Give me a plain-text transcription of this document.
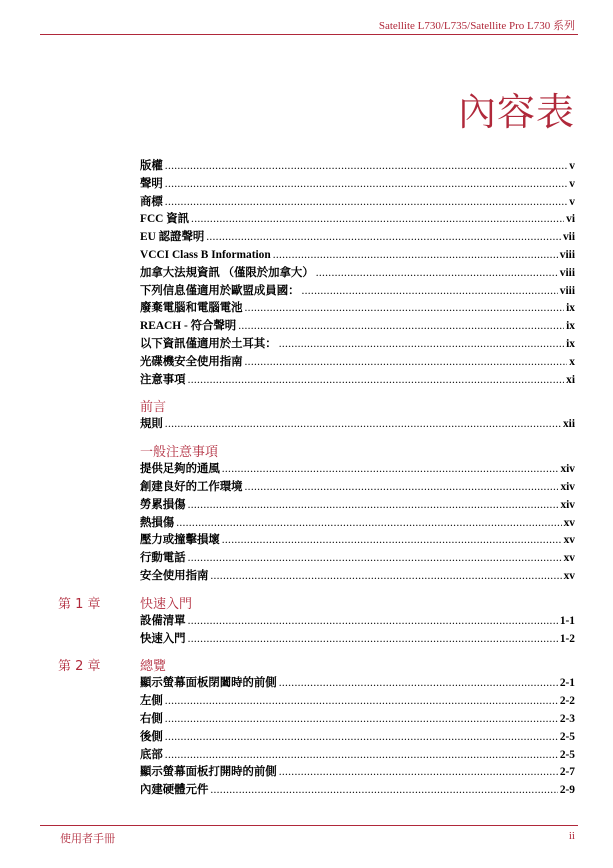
Satellite L730/L735/Satellite Pro L730 系列
內容表
版權 .....	v
聲明 .....	v
商標 .....	v
FCC 資訊 .....	vi
EU 認證聲明 .....	vii
VCCI Class B Information .....	viii
加拿大法規資訊 （僅限於加拿大） .....	viii
下列信息僅適用於歐盟成員國： .....	viii
廢棄電腦和電腦電池 .....	ix
REACH - 符合聲明 .....	ix
以下資訊僅適用於土耳其： .....	ix
光碟機安全使用指南 .....	x
注意事項 .....	xi
前言
規則 .....	xii
一般注意事項
提供足夠的通風 .....	xiv
創建良好的工作環境 .....	xiv
勞累損傷 .....	xiv
熱損傷 .....	xv
壓力或撞擊損壞 .....	xv
行動電話 .....	xv
安全使用指南 .....	xv
第 1 章	快速入門
設備清單 .....	1-1
快速入門 .....	1-2
第 2 章	總覽
顯示螢幕面板閉闔時的前側 .....	2-1
左側 .....	2-2
右側 .....	2-3
後側 .....	2-5
底部 .....	2-5
顯示螢幕面板打開時的前側 .....	2-7
內建硬體元件 .....	2-9
使用者手冊	ii
